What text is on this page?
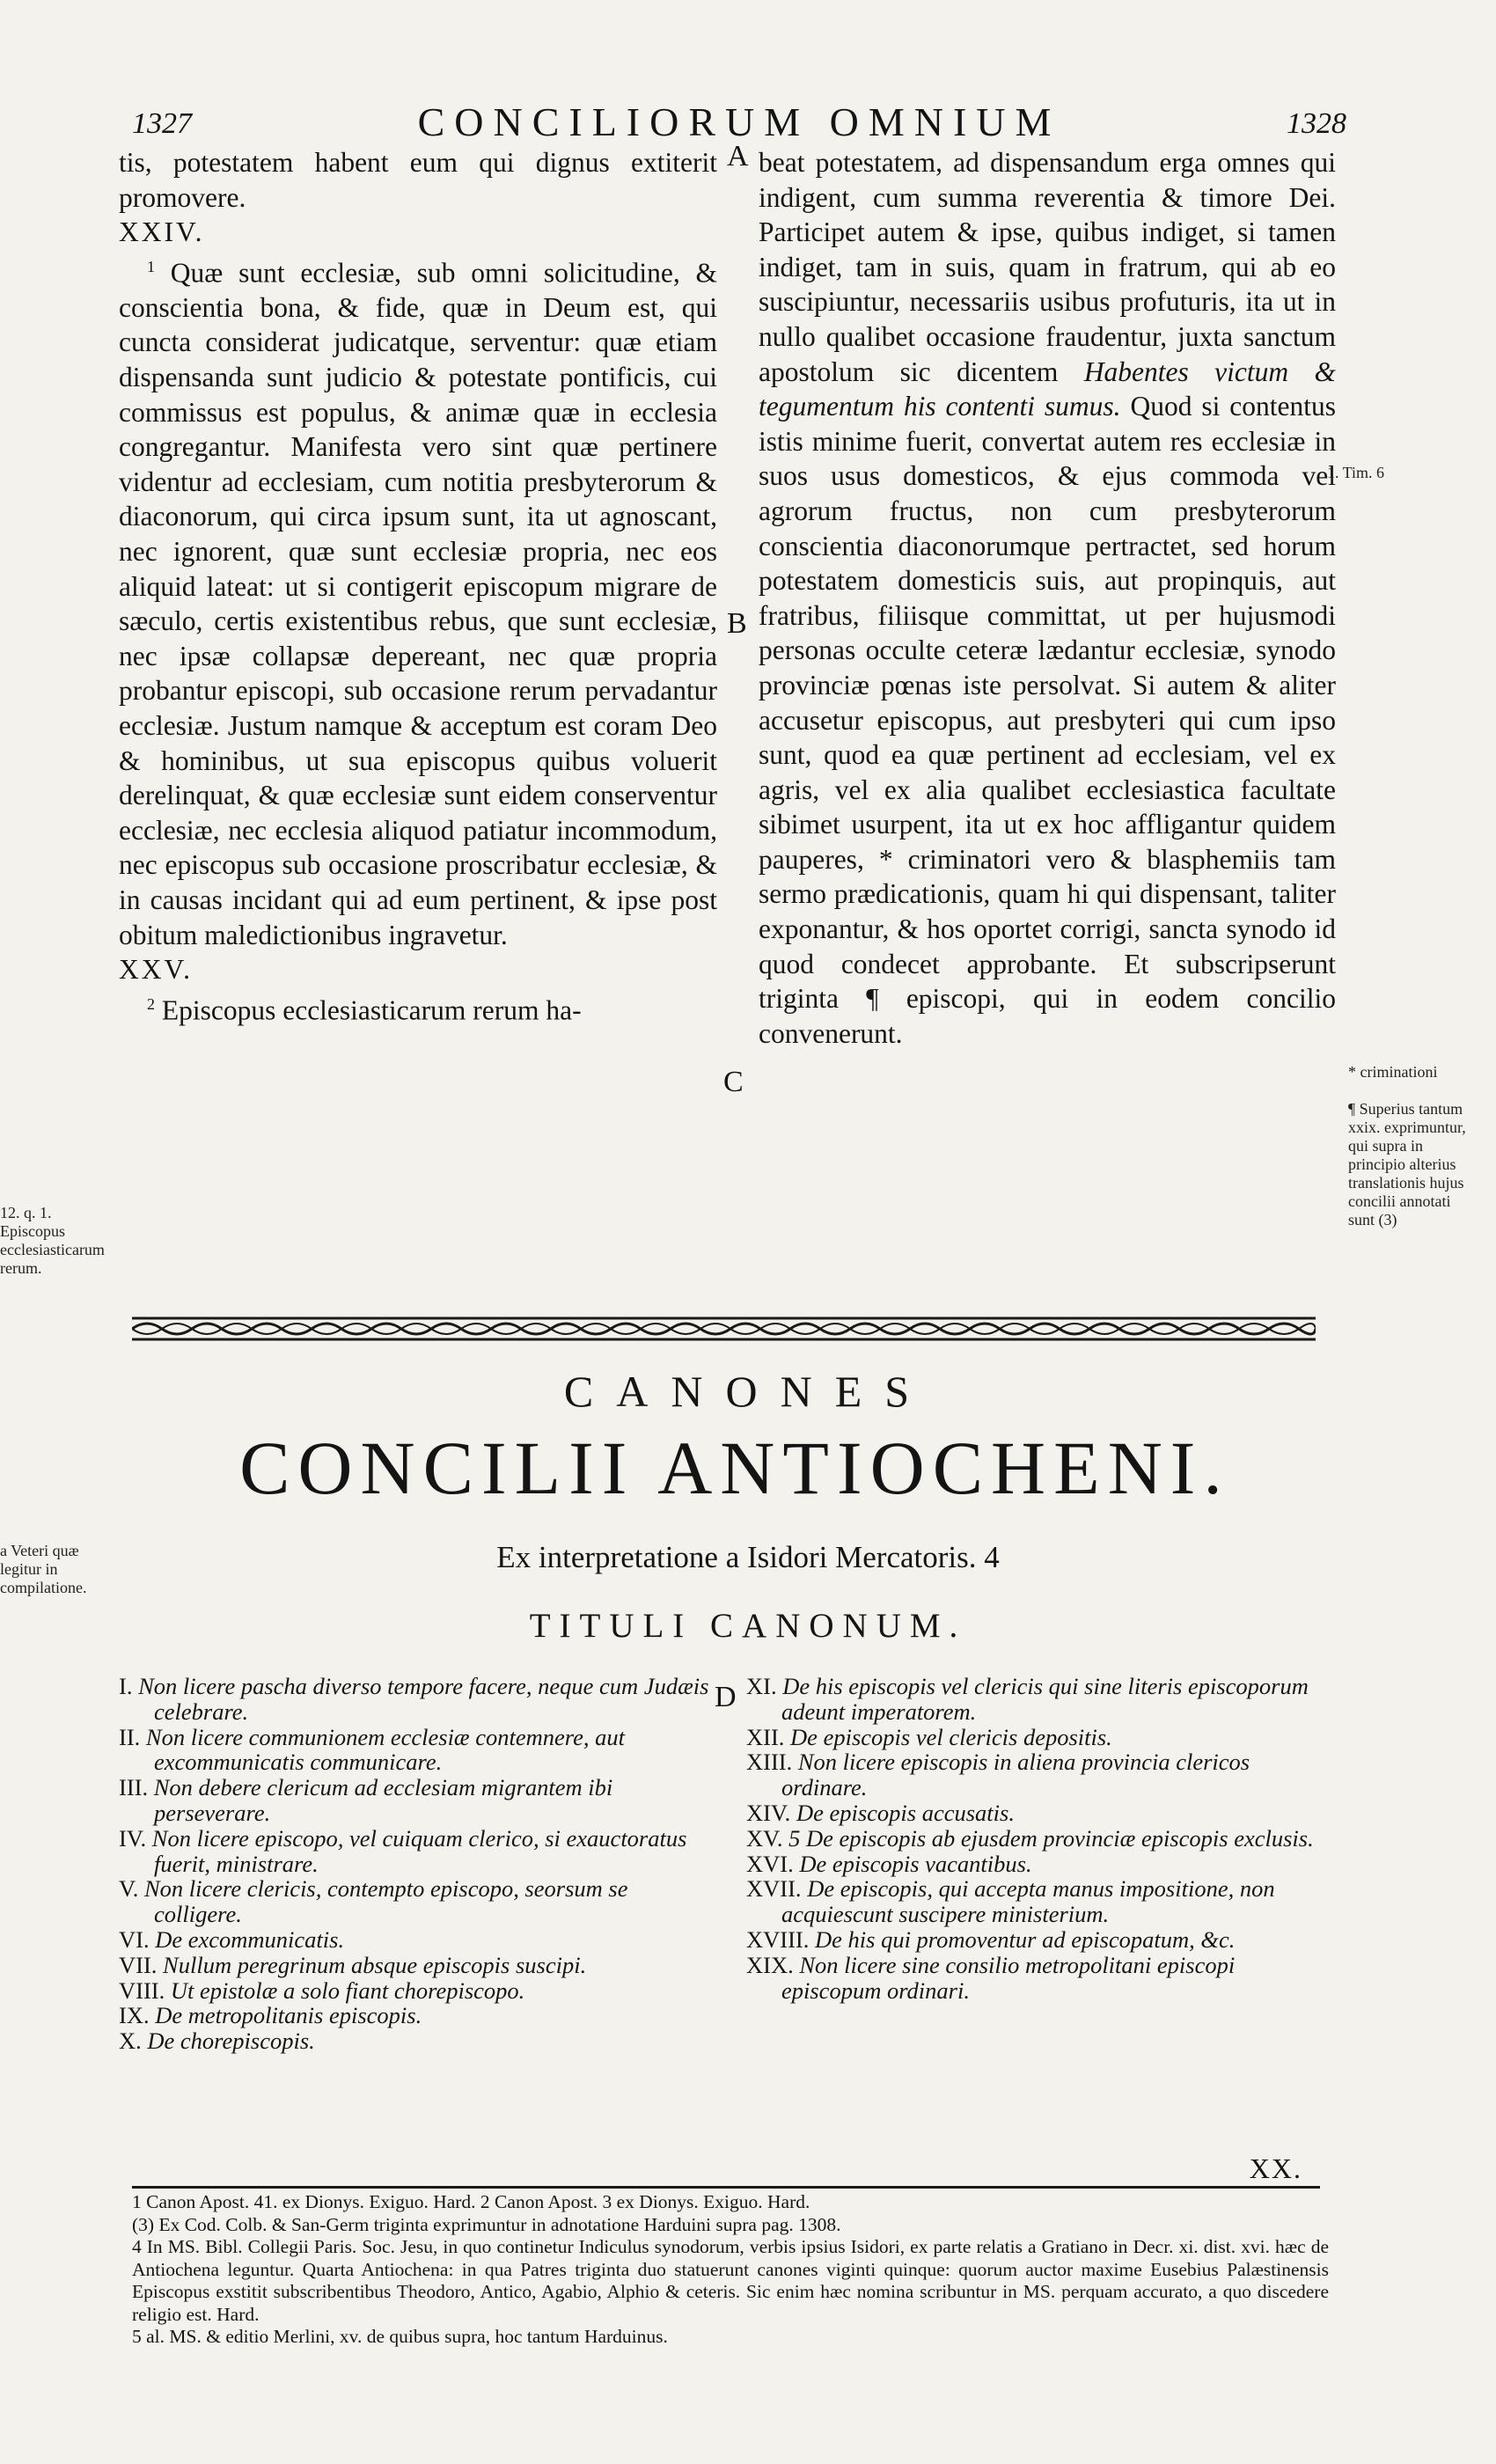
1327	CONCILIORUM OMNIUM	1328

tis, potestatem habent eum qui dignus extiterit promovere.

XXIV.

$^1$ Quæ sunt ecclesiæ, sub omni solicitudine, & conscientia bona, & fide, quæ in Deum est, qui cuncta considerat judicatque, serventur: quæ etiam dispensanda sunt judicio & potestate pontificis, cui commissus est populus, & animæ quæ in ecclesia congregantur. Manifesta vero sint quæ pertinere videntur ad ecclesiam, cum notitia presbyterorum & diaconorum, qui circa ipsum sunt, ita ut agnoscant, nec ignorent, quæ sunt ecclesiæ propria, nec eos aliquid lateat: ut si contigerit episcopum migrare de sæculo, certis existentibus rebus, que sunt ecclesiæ, nec ipsæ collapsæ depereant, nec quæ propria probantur episcopi, sub occasione rerum pervadantur ecclesiæ. Justum namque & acceptum est coram Deo & hominibus, ut sua episcopus quibus voluerit derelinquat, & quæ ecclesiæ sunt eidem conserventur ecclesiæ, nec ecclesia aliquod patiatur incommodum, nec episcopus sub occasione proscribatur ecclesiæ, & in causas incidant qui ad eum pertinent, & ipse post obitum maledictionibus ingravetur.

XXV.

$^2$ Episcopus ecclesiasticarum rerum ha-

beat potestatem, ad dispensandum erga omnes qui indigent, cum summa reverentia & timore Dei. Participet autem & ipse, quibus indiget, si tamen indiget, tam in suis, quam in fratrum, qui ab eo suscipiuntur, necessariis usibus profuturis, ita ut in nullo qualibet occasione fraudentur, juxta sanctum apostolum sic dicentem Habentes victum & tegumentum his contenti sumus. Quod si contentus istis minime fuerit, convertat autem res ecclesiæ in suos usus domesticos, & ejus commoda vel agrorum fructus, non cum presbyterorum conscientia diaconorumque pertractet, sed horum potestatem domesticis suis, aut propinquis, aut fratribus, filiisque committat, ut per hujusmodi personas occulte ceteræ lædantur ecclesiæ, synodo provinciæ pœnas iste persolvat. Si autem & aliter accusetur episcopus, aut presbyteri qui cum ipso sunt, quod ea quæ pertinent ad ecclesiam, vel ex agris, vel ex alia qualibet ecclesiastica facultate sibimet usurpent, ita ut ex hoc affligantur quidem pauperes, * criminatori vero & blasphemiis tam sermo prædicationis, quam hi qui dispensant, taliter exponantur, & hos oportet corrigi, sancta synodo id quod condecet approbante. Et subscripserunt triginta ¶ episcopi, qui in eodem concilio convenerunt.

A
B
C
D
12. q. 1. Episcopus ecclesiasticarum rerum.
a Veteri quæ legitur in compilatione.
1. Tim. 6
* criminationi
¶ Superius tantum xxix. exprimuntur, qui supra in principio alterius translationis hujus concilii annotati sunt (3)
CANONES
CONCILII ANTIOCHENI.
Ex interpretatione a Isidori Mercatoris. 4
TITULI CANONUM.

I. Non licere pascha diverso tempore facere, neque cum Judæis celebrare.

II. Non licere communionem ecclesiæ contemnere, aut excommunicatis communicare.

III. Non debere clericum ad ecclesiam migrantem ibi perseverare.

IV. Non licere episcopo, vel cuiquam clerico, si exauctoratus fuerit, ministrare.

V. Non licere clericis, contempto episcopo, seorsum se colligere.

VI. De excommunicatis.

VII. Nullum peregrinum absque episcopis suscipi.

VIII. Ut epistolæ a solo fiant chorepiscopo.

IX. De metropolitanis episcopis.

X. De chorepiscopis.

XI. De his episcopis vel clericis qui sine literis episcoporum adeunt imperatorem.

XII. De episcopis vel clericis depositis.

XIII. Non licere episcopis in aliena provincia clericos ordinare.

XIV. De episcopis accusatis.

XV. 5 De episcopis ab ejusdem provinciæ episcopis exclusis.

XVI. De episcopis vacantibus.

XVII. De episcopis, qui accepta manus impositione, non acquiescunt suscipere ministerium.

XVIII. De his qui promoventur ad episcopatum, &c.

XIX. Non licere sine consilio metropolitani episcopi episcopum ordinari.

XX.

1 Canon Apost. 41. ex Dionys. Exiguo. Hard. 2 Canon Apost. 3 ex Dionys. Exiguo. Hard.

(3) Ex Cod. Colb. & San-Germ triginta exprimuntur in adnotatione Harduini supra pag. 1308.

4 In MS. Bibl. Collegii Paris. Soc. Jesu, in quo continetur Indiculus synodorum, verbis ipsius Isidori, ex parte relatis a Gratiano in Decr. xi. dist. xvi. hæc de Antiochena leguntur. Quarta Antiochena: in qua Patres triginta duo statuerunt canones viginti quinque: quorum auctor maxime Eusebius Palæstinensis Episcopus exstitit subscribentibus Theodoro, Antico, Agabio, Alphio & ceteris. Sic enim hæc nomina scribuntur in MS. perquam accurato, a quo discedere religio est. Hard.

5 al. MS. & editio Merlini, xv. de quibus supra, hoc tantum Harduinus.
